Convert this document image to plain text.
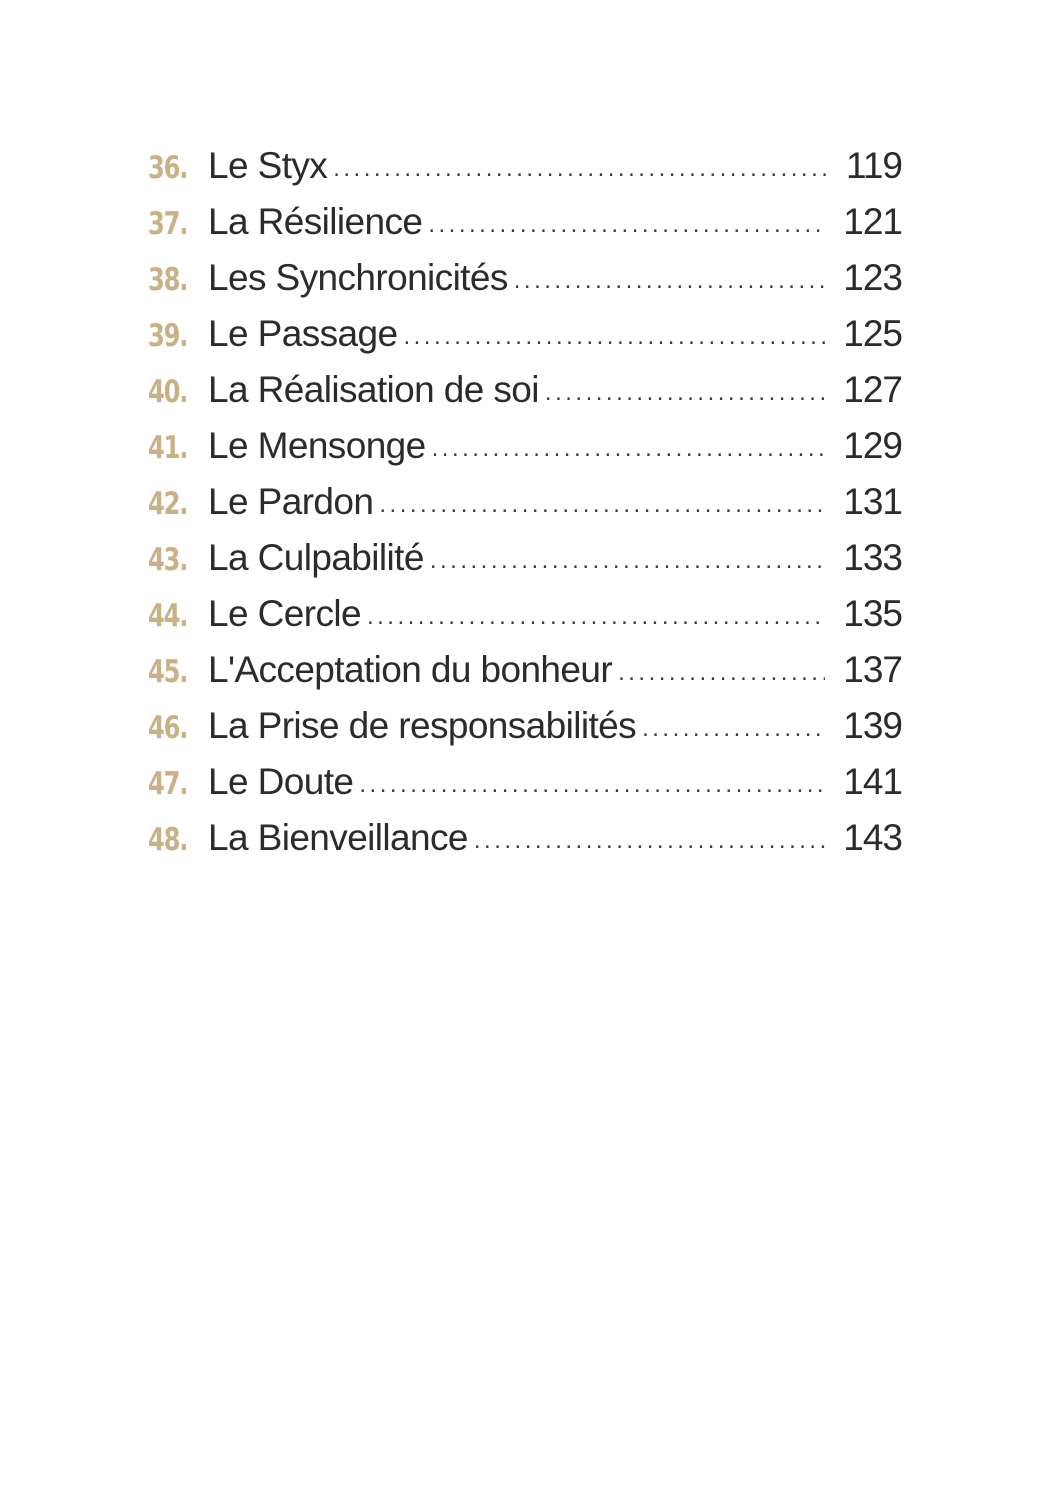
36. Le Styx .....	119
37. La Résilience .....	121
38. Les Synchronicités .....	123
39. Le Passage .....	125
40. La Réalisation de soi .....	127
41. Le Mensonge .....	129
42. Le Pardon .....	131
43. La Culpabilité .....	133
44. Le Cercle .....	135
45. L'Acceptation du bonheur .....	137
46. La Prise de responsabilités .....	139
47. Le Doute .....	141
48. La Bienveillance .....	143
